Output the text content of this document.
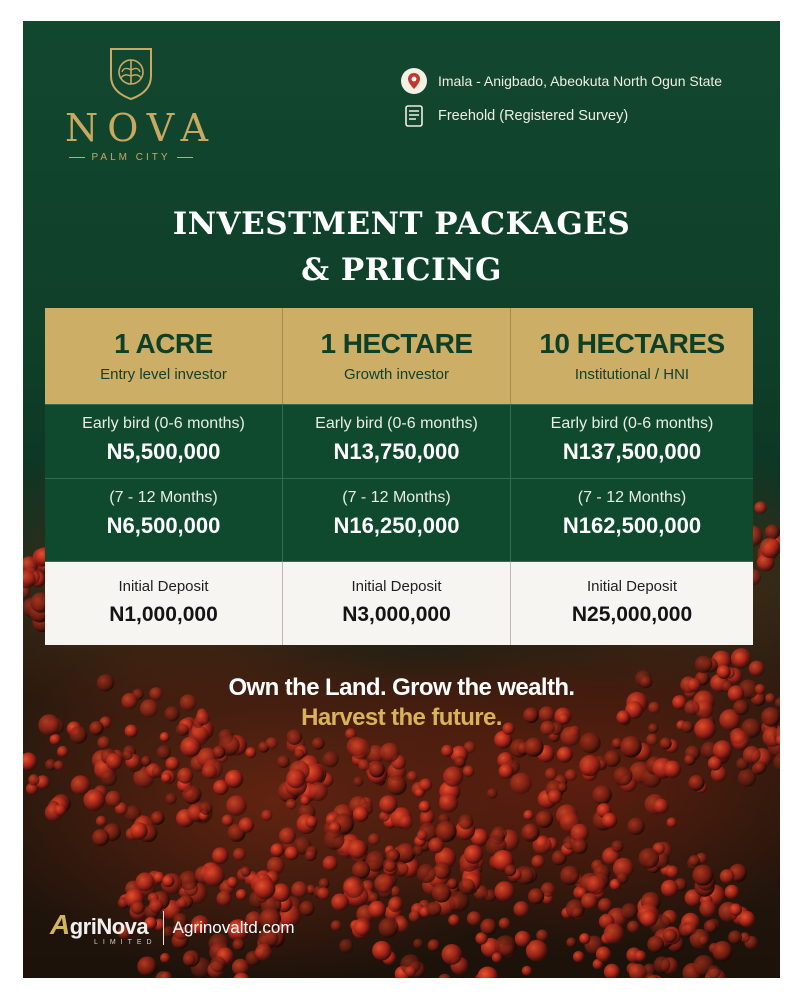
NOVA
PALM CITY
Imala - Anigbado, Abeokuta North Ogun State
Freehold (Registered Survey)
INVESTMENT PACKAGES
& PRICING
1 ACRE
Entry level investor
1 HECTARE
Growth investor
10 HECTARES
Institutional / HNI
Early bird (0-6 months)
N5,500,000
Early bird (0-6 months)
N13,750,000
Early bird (0-6 months)
N137,500,000
(7 - 12 Months)
N6,500,000
(7 - 12 Months)
N16,250,000
(7 - 12 Months)
N162,500,000
Initial Deposit
N1,000,000
Initial Deposit
N3,000,000
Initial Deposit
N25,000,000
Own the Land. Grow the wealth.
Harvest the future.
AgriNova
LIMITED
Agrinovaltd.com
